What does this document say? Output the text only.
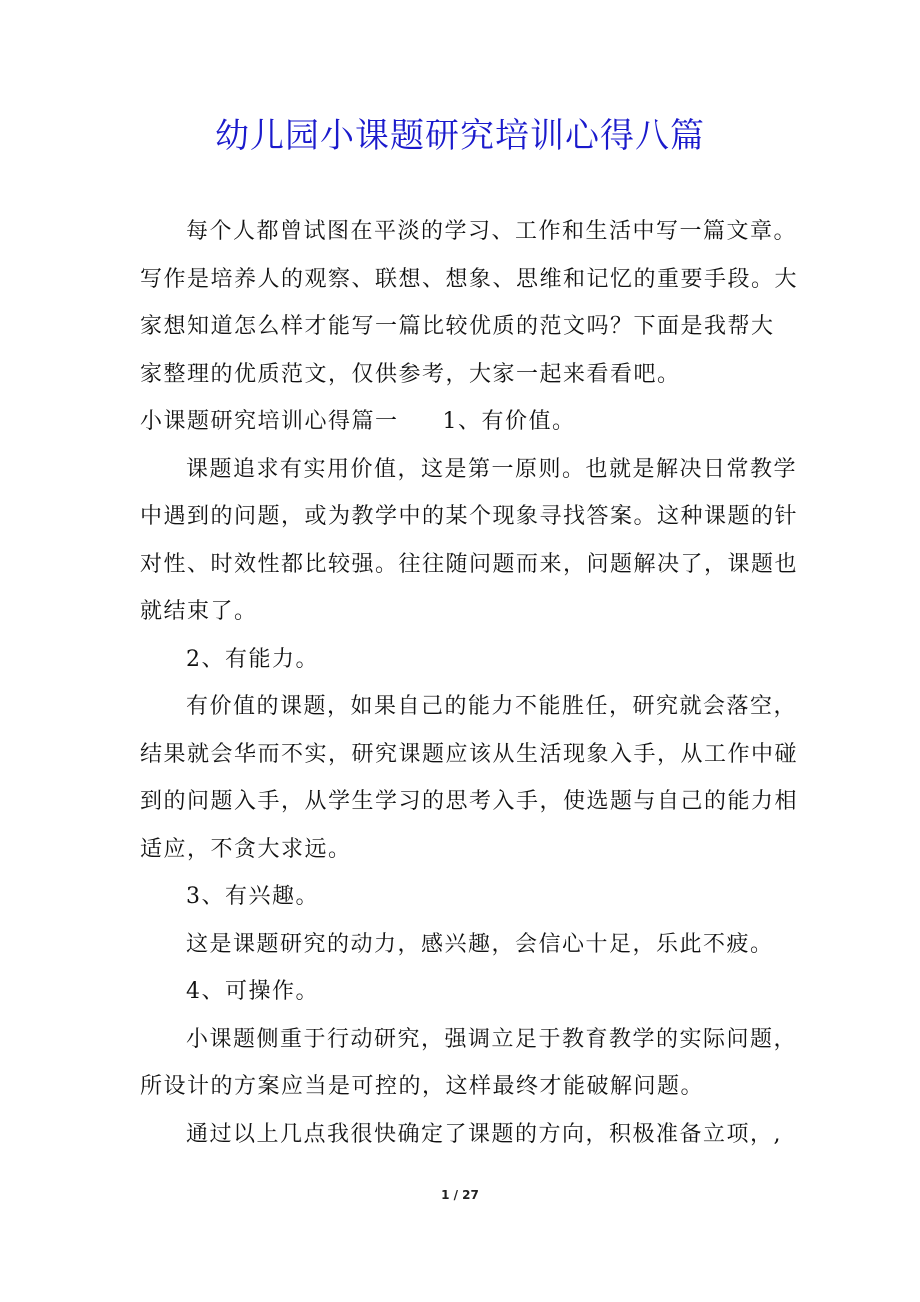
幼儿园小课题研究培训心得八篇
每个人都曾试图在平淡的学习、工作和生活中写一篇文章。
写作是培养人的观察、联想、想象、思维和记忆的重要手段。大
家想知道怎么样才能写一篇比较优质的范文吗？下面是我帮大
家整理的优质范文，仅供参考，大家一起来看看吧。
小课题研究培训心得篇一 1、有价值。
课题追求有实用价值，这是第一原则。也就是解决日常教学
中遇到的问题，或为教学中的某个现象寻找答案。这种课题的针
对性、时效性都比较强。往往随问题而来，问题解决了，课题也
就结束了。
2、有能力。
有价值的课题，如果自己的能力不能胜任，研究就会落空，
结果就会华而不实，研究课题应该从生活现象入手，从工作中碰
到的问题入手，从学生学习的思考入手，使选题与自己的能力相
适应，不贪大求远。
3、有兴趣。
这是课题研究的动力，感兴趣，会信心十足，乐此不疲。
4、可操作。
小课题侧重于行动研究，强调立足于教育教学的实际问题，
所设计的方案应当是可控的，这样最终才能破解问题。
通过以上几点我很快确定了课题的方向，积极准备立项，,
1 / 27
